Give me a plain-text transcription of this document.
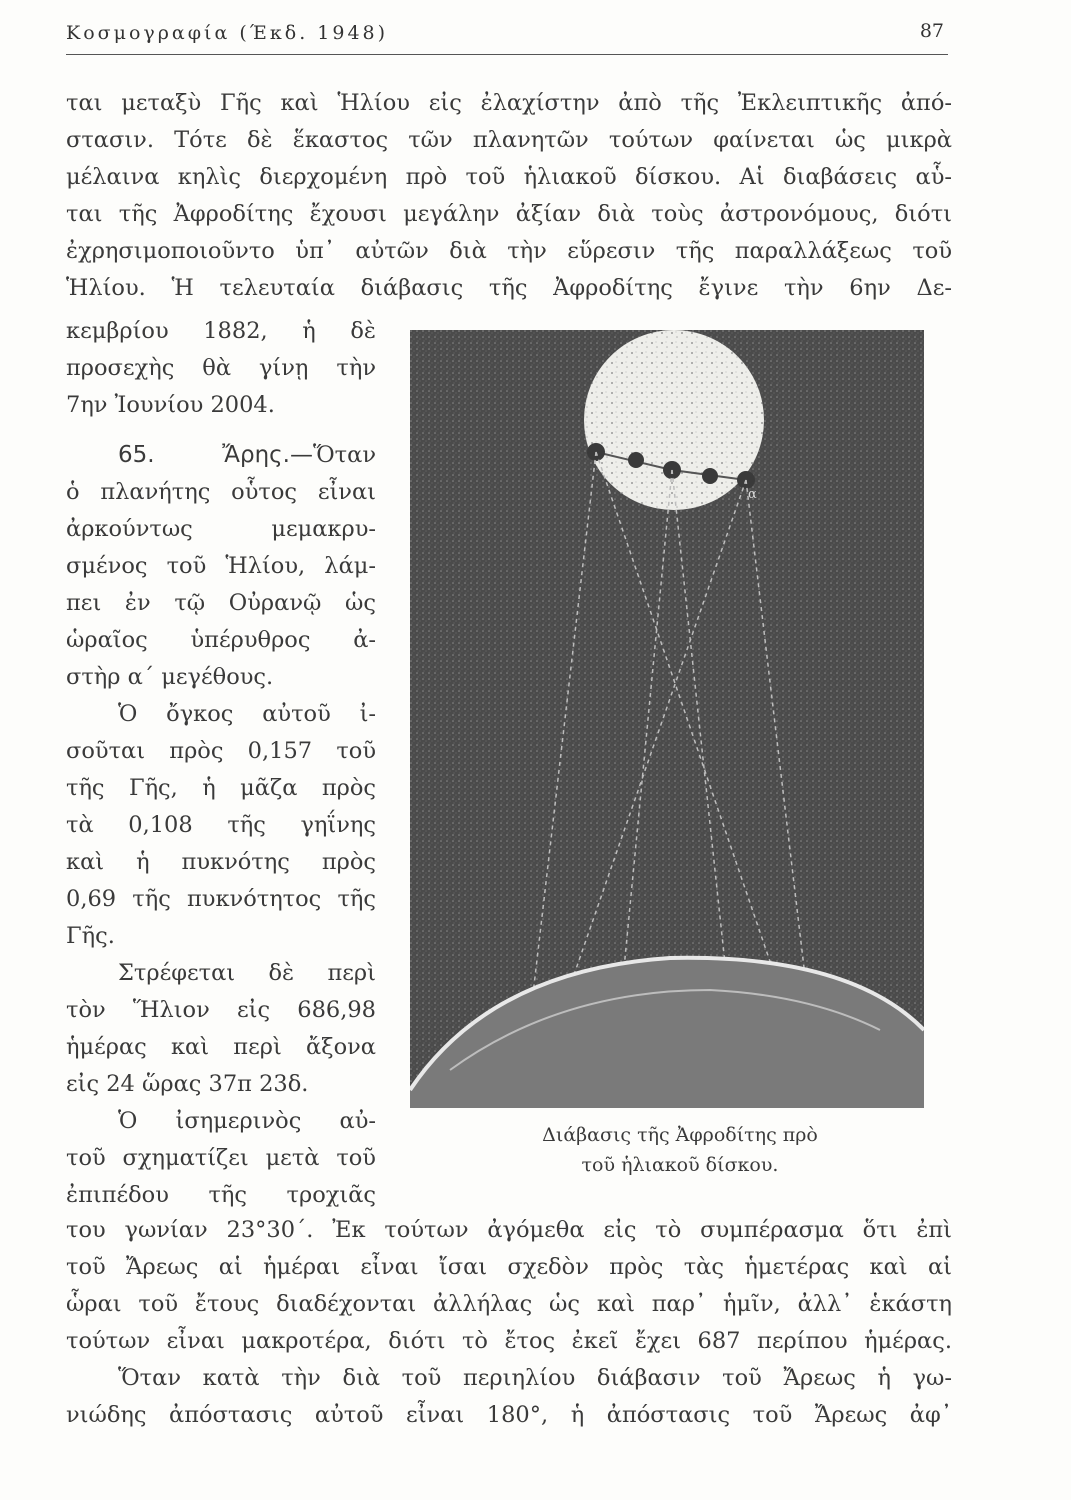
Κοσμογραφία (Έκδ. 1948)	87
ται μεταξὺ Γῆς καὶ Ἡλίου εἰς ἐλαχίστην ἀπὸ τῆς Ἐκλειπτικῆς ἀπό-
στασιν. Τότε δὲ ἕκαστος τῶν πλανητῶν τούτων φαίνεται ὡς μικρὰ
μέλαινα κηλὶς διερχομένη πρὸ τοῦ ἡλιακοῦ δίσκου. Αἱ διαβάσεις αὗ-
ται τῆς Ἀφροδίτης ἔχουσι μεγάλην ἀξίαν διὰ τοὺς ἀστρονόμους, διότι
ἐχρησιμοποιοῦντο ὑπ᾿ αὐτῶν διὰ τὴν εὕρεσιν τῆς παραλλάξεως τοῦ
Ἡλίου. Ἡ τελευταία διάβασις τῆς Ἀφροδίτης ἔγινε τὴν 6ην Δε-
κεμβρίου 1882, ἡ δὲ
προσεχὴς θὰ γίνῃ τὴν
7ην Ἰουνίου 2004.
65. Ἄρης.—Ὅταν
ὁ πλανήτης οὗτος εἶναι
ἀρκούντως μεμακρυ-
σμένος τοῦ Ἡλίου, λάμ-
πει ἐν τῷ Οὐρανῷ ὡς
ὡραῖος ὑπέρυθρος ἀ-
στὴρ α΄ μεγέθους.
Ὁ ὄγκος αὐτοῦ ἰ-
σοῦται πρὸς 0,157 τοῦ
τῆς Γῆς, ἡ μᾶζα πρὸς
τὰ 0,108 τῆς γηΐνης
καὶ ἡ πυκνότης πρὸς
0,69 τῆς πυκνότητος τῆς
Γῆς.
Στρέφεται δὲ περὶ
τὸν Ἥλιον εἰς 686,98
ἡμέρας καὶ περὶ ἄξονα
εἰς 24 ὥρας 37π 23δ.
Ὁ ἰσημερινὸς αὐ-
τοῦ σχηματίζει μετὰ τοῦ
ἐπιπέδου τῆς τροχιᾶς
α
Διάβασις τῆς Ἀφροδίτης πρὸ
τοῦ ἡλιακοῦ δίσκου.
του γωνίαν 23°30΄. Ἐκ τούτων ἀγόμεθα εἰς τὸ συμπέρασμα ὅτι ἐπὶ
τοῦ Ἄρεως αἱ ἡμέραι εἶναι ἴσαι σχεδὸν πρὸς τὰς ἡμετέρας καὶ αἱ
ὧραι τοῦ ἔτους διαδέχονται ἀλλήλας ὡς καὶ παρ᾿ ἡμῖν, ἀλλ᾿ ἑκάστη
τούτων εἶναι μακροτέρα, διότι τὸ ἔτος ἐκεῖ ἔχει 687 περίπου ἡμέρας.
Ὅταν κατὰ τὴν διὰ τοῦ περιηλίου διάβασιν τοῦ Ἄρεως ἡ γω-
νιώδης ἀπόστασις αὐτοῦ εἶναι 180°, ἡ ἀπόστασις τοῦ Ἄρεως ἀφ᾿
